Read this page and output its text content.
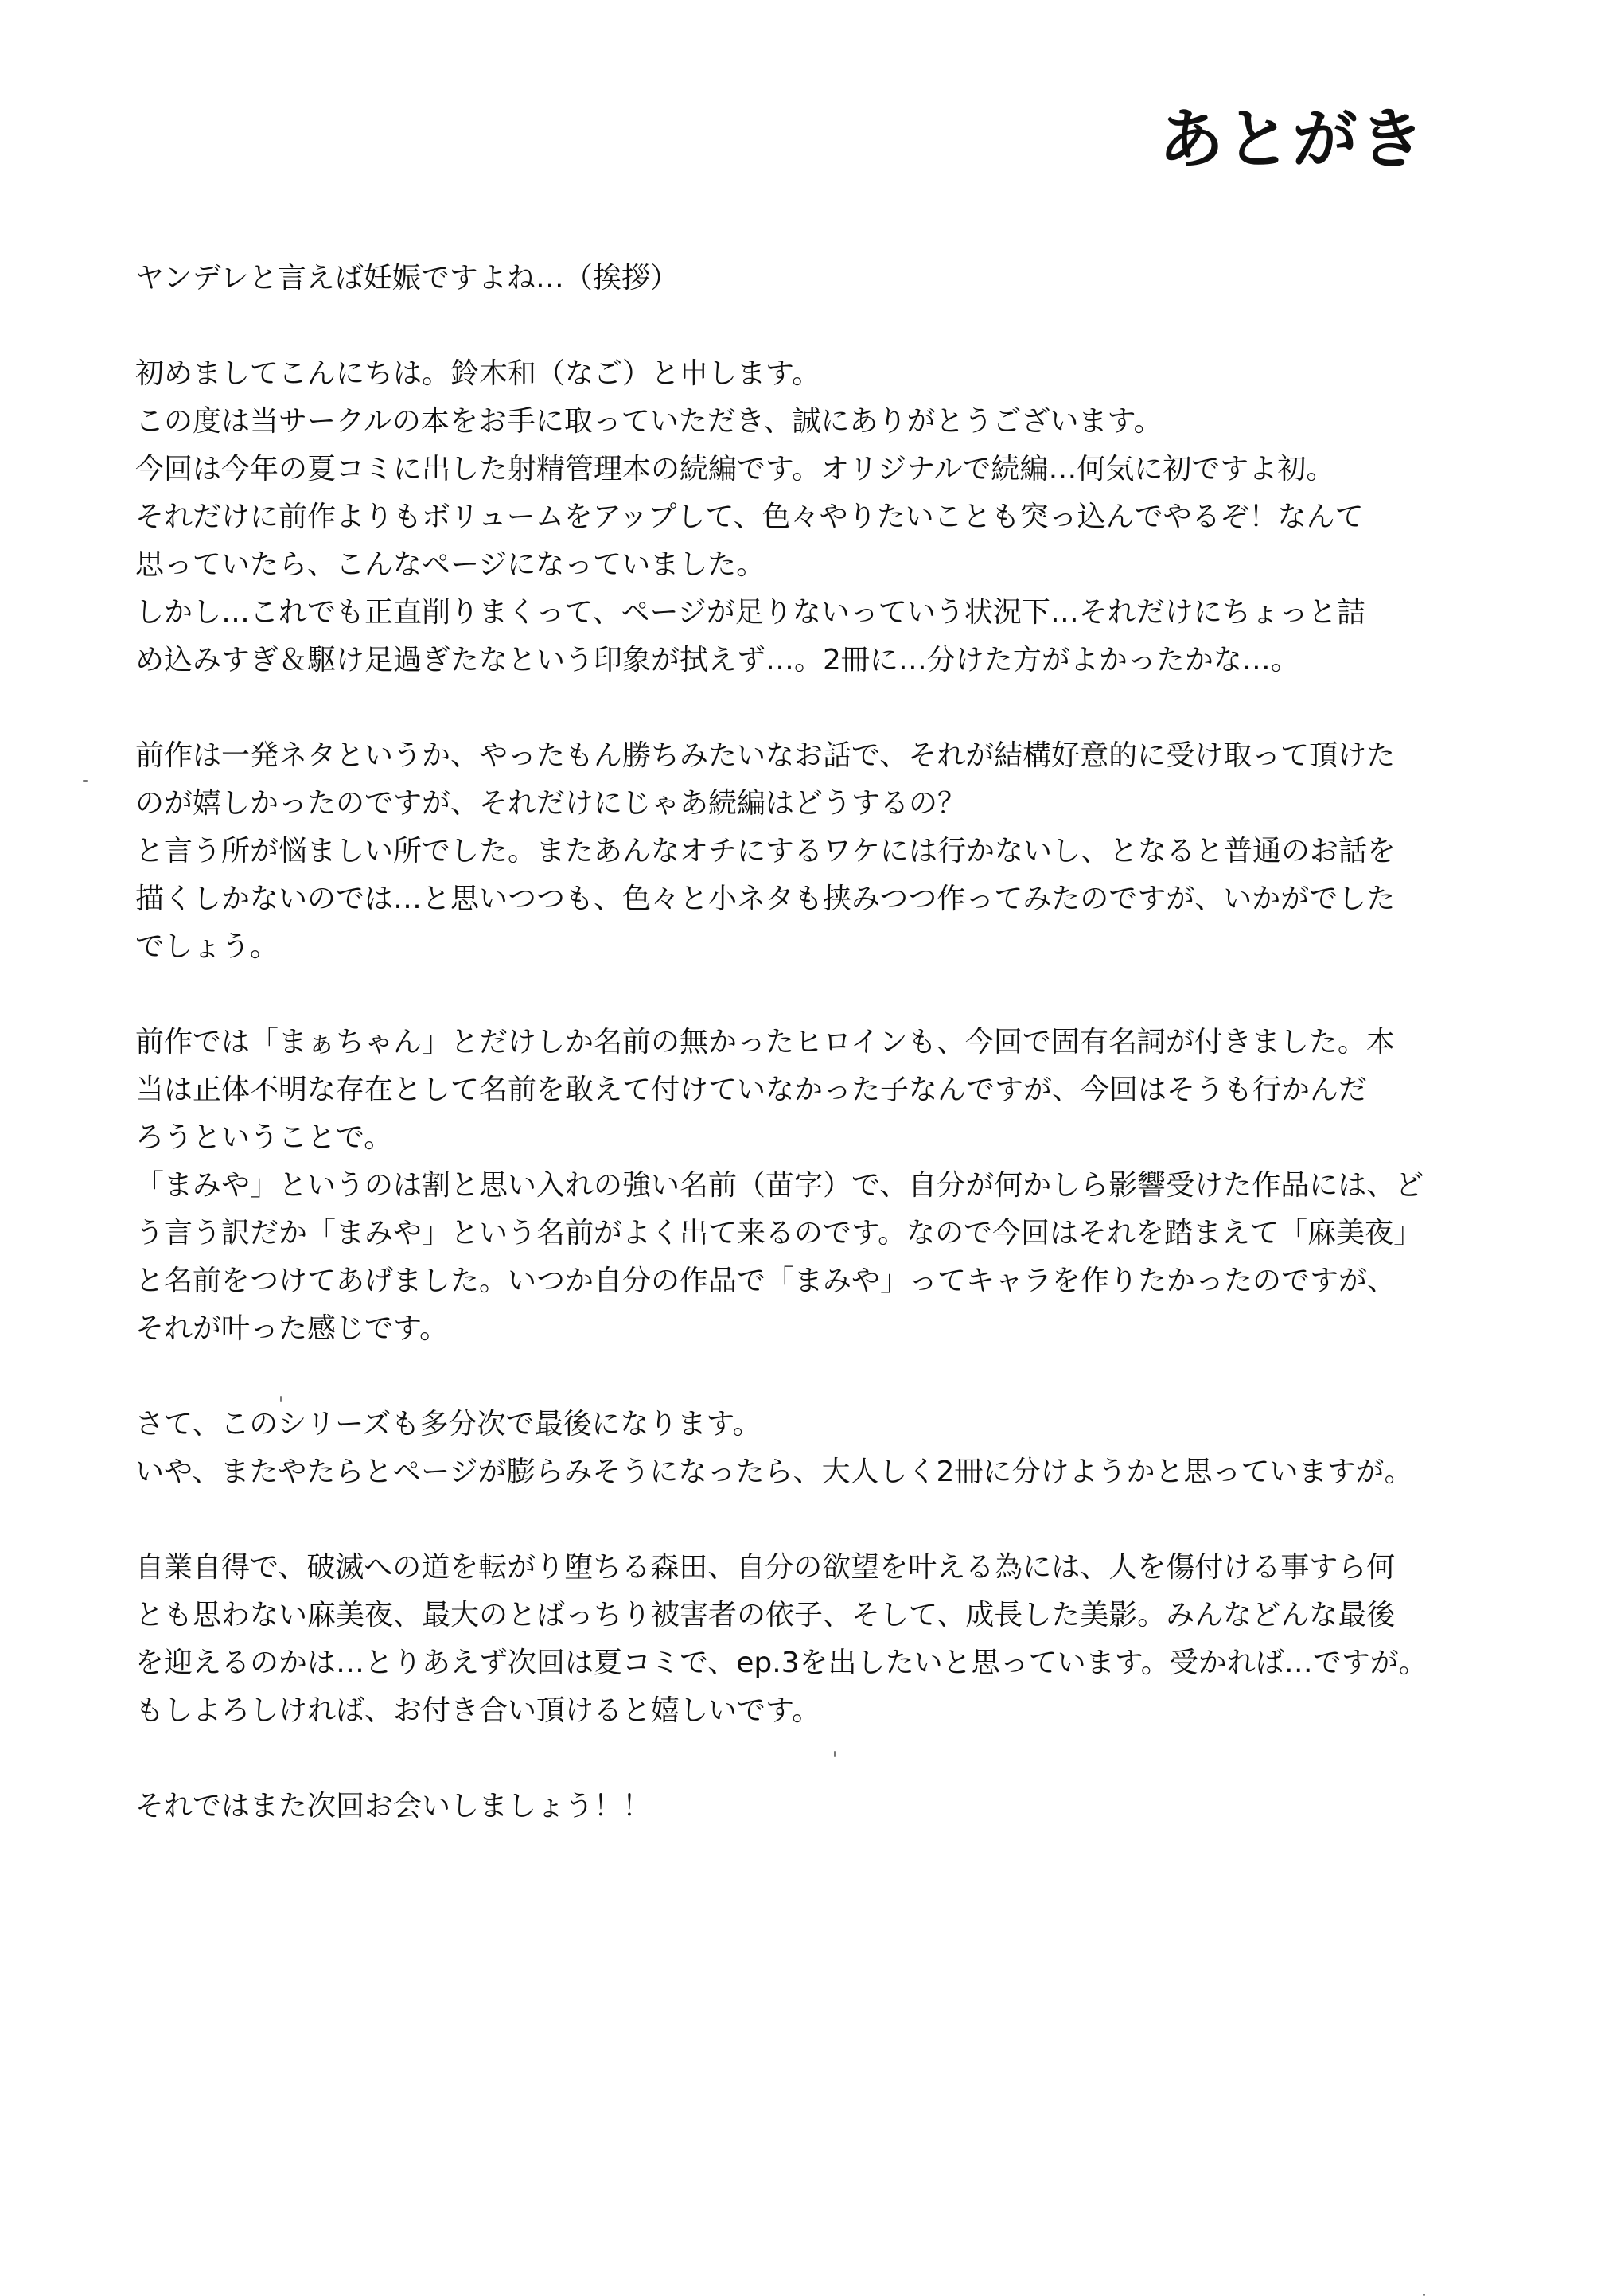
あとがき
ヤンデレと言えば妊娠ですよね…（挨拶）
初めましてこんにちは。鈴木和（なご）と申します。
この度は当サークルの本をお手に取っていただき、誠にありがとうございます。
今回は今年の夏コミに出した射精管理本の続編です。オリジナルで続編…何気に初ですよ初。
それだけに前作よりもボリュームをアップして、色々やりたいことも突っ込んでやるぞ！なんて
思っていたら、こんなページになっていました。
しかし…これでも正直削りまくって、ページが足りないっていう状況下…それだけにちょっと詰
め込みすぎ＆駆け足過ぎたなという印象が拭えず…。2冊に…分けた方がよかったかな…。
前作は一発ネタというか、やったもん勝ちみたいなお話で、それが結構好意的に受け取って頂けた
のが嬉しかったのですが、それだけにじゃあ続編はどうするの？
と言う所が悩ましい所でした。またあんなオチにするワケには行かないし、となると普通のお話を
描くしかないのでは…と思いつつも、色々と小ネタも挟みつつ作ってみたのですが、いかがでした
でしょう。
前作では「まぁちゃん」とだけしか名前の無かったヒロインも、今回で固有名詞が付きました。本
当は正体不明な存在として名前を敢えて付けていなかった子なんですが、今回はそうも行かんだ
ろうということで。
「まみや」というのは割と思い入れの強い名前（苗字）で、自分が何かしら影響受けた作品には、ど
う言う訳だか「まみや」という名前がよく出て来るのです。なので今回はそれを踏まえて「麻美夜」
と名前をつけてあげました。いつか自分の作品で「まみや」ってキャラを作りたかったのですが、
それが叶った感じです。
さて、このシリーズも多分次で最後になります。
いや、またやたらとページが膨らみそうになったら、大人しく2冊に分けようかと思っていますが。
自業自得で、破滅への道を転がり堕ちる森田、自分の欲望を叶える為には、人を傷付ける事すら何
とも思わない麻美夜、最大のとばっちり被害者の依子、そして、成長した美影。みんなどんな最後
を迎えるのかは…とりあえず次回は夏コミで、ep.3を出したいと思っています。受かれば…ですが。
もしよろしければ、お付き合い頂けると嬉しいです。
それではまた次回お会いしましょう！！
